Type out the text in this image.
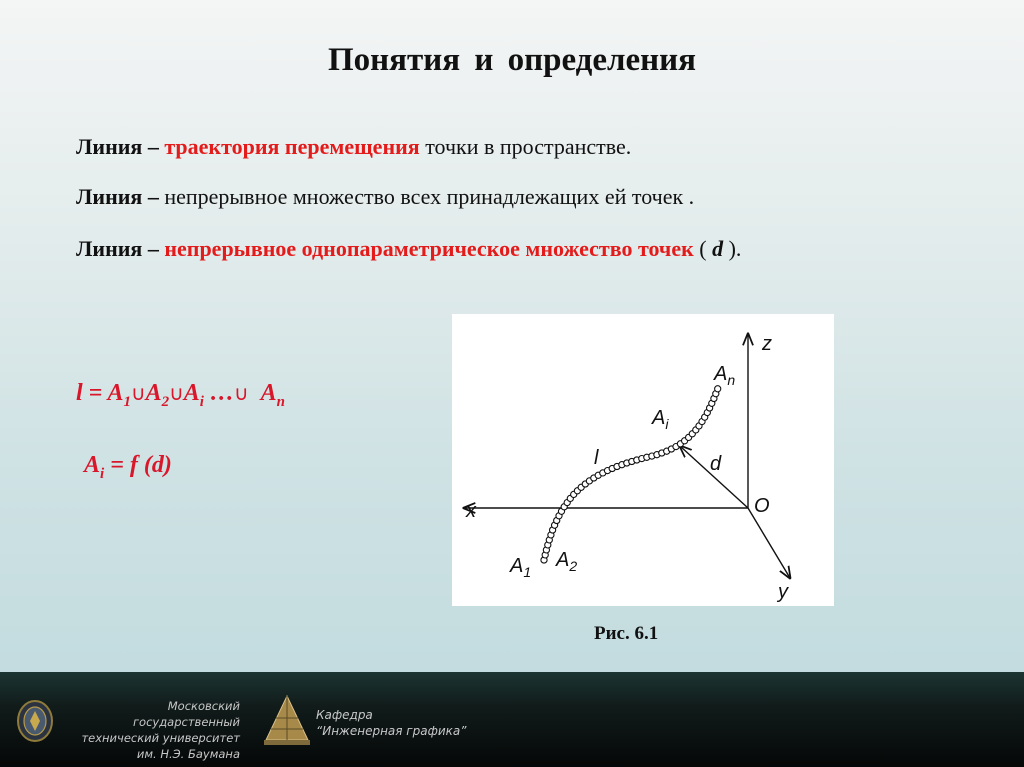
Понятия и определения
Линия – траектория перемещения точки в пространстве.
Линия – непрерывное множество всех принадлежащих ей точек .
Линия – непрерывное однопараметрическое множество точек ( d ).
$l = A_1\cup A_2\cup A_i$ …∪ $A_n$
$A_i = f$ (d)
z
x
y
O
d
l
$A_n$
$A_i$
$A_1$
$A_2$
Рис. 6.1
Московский государственный
технический университет
им. Н.Э. Баумана
Кафедра
“Инженерная графика”
